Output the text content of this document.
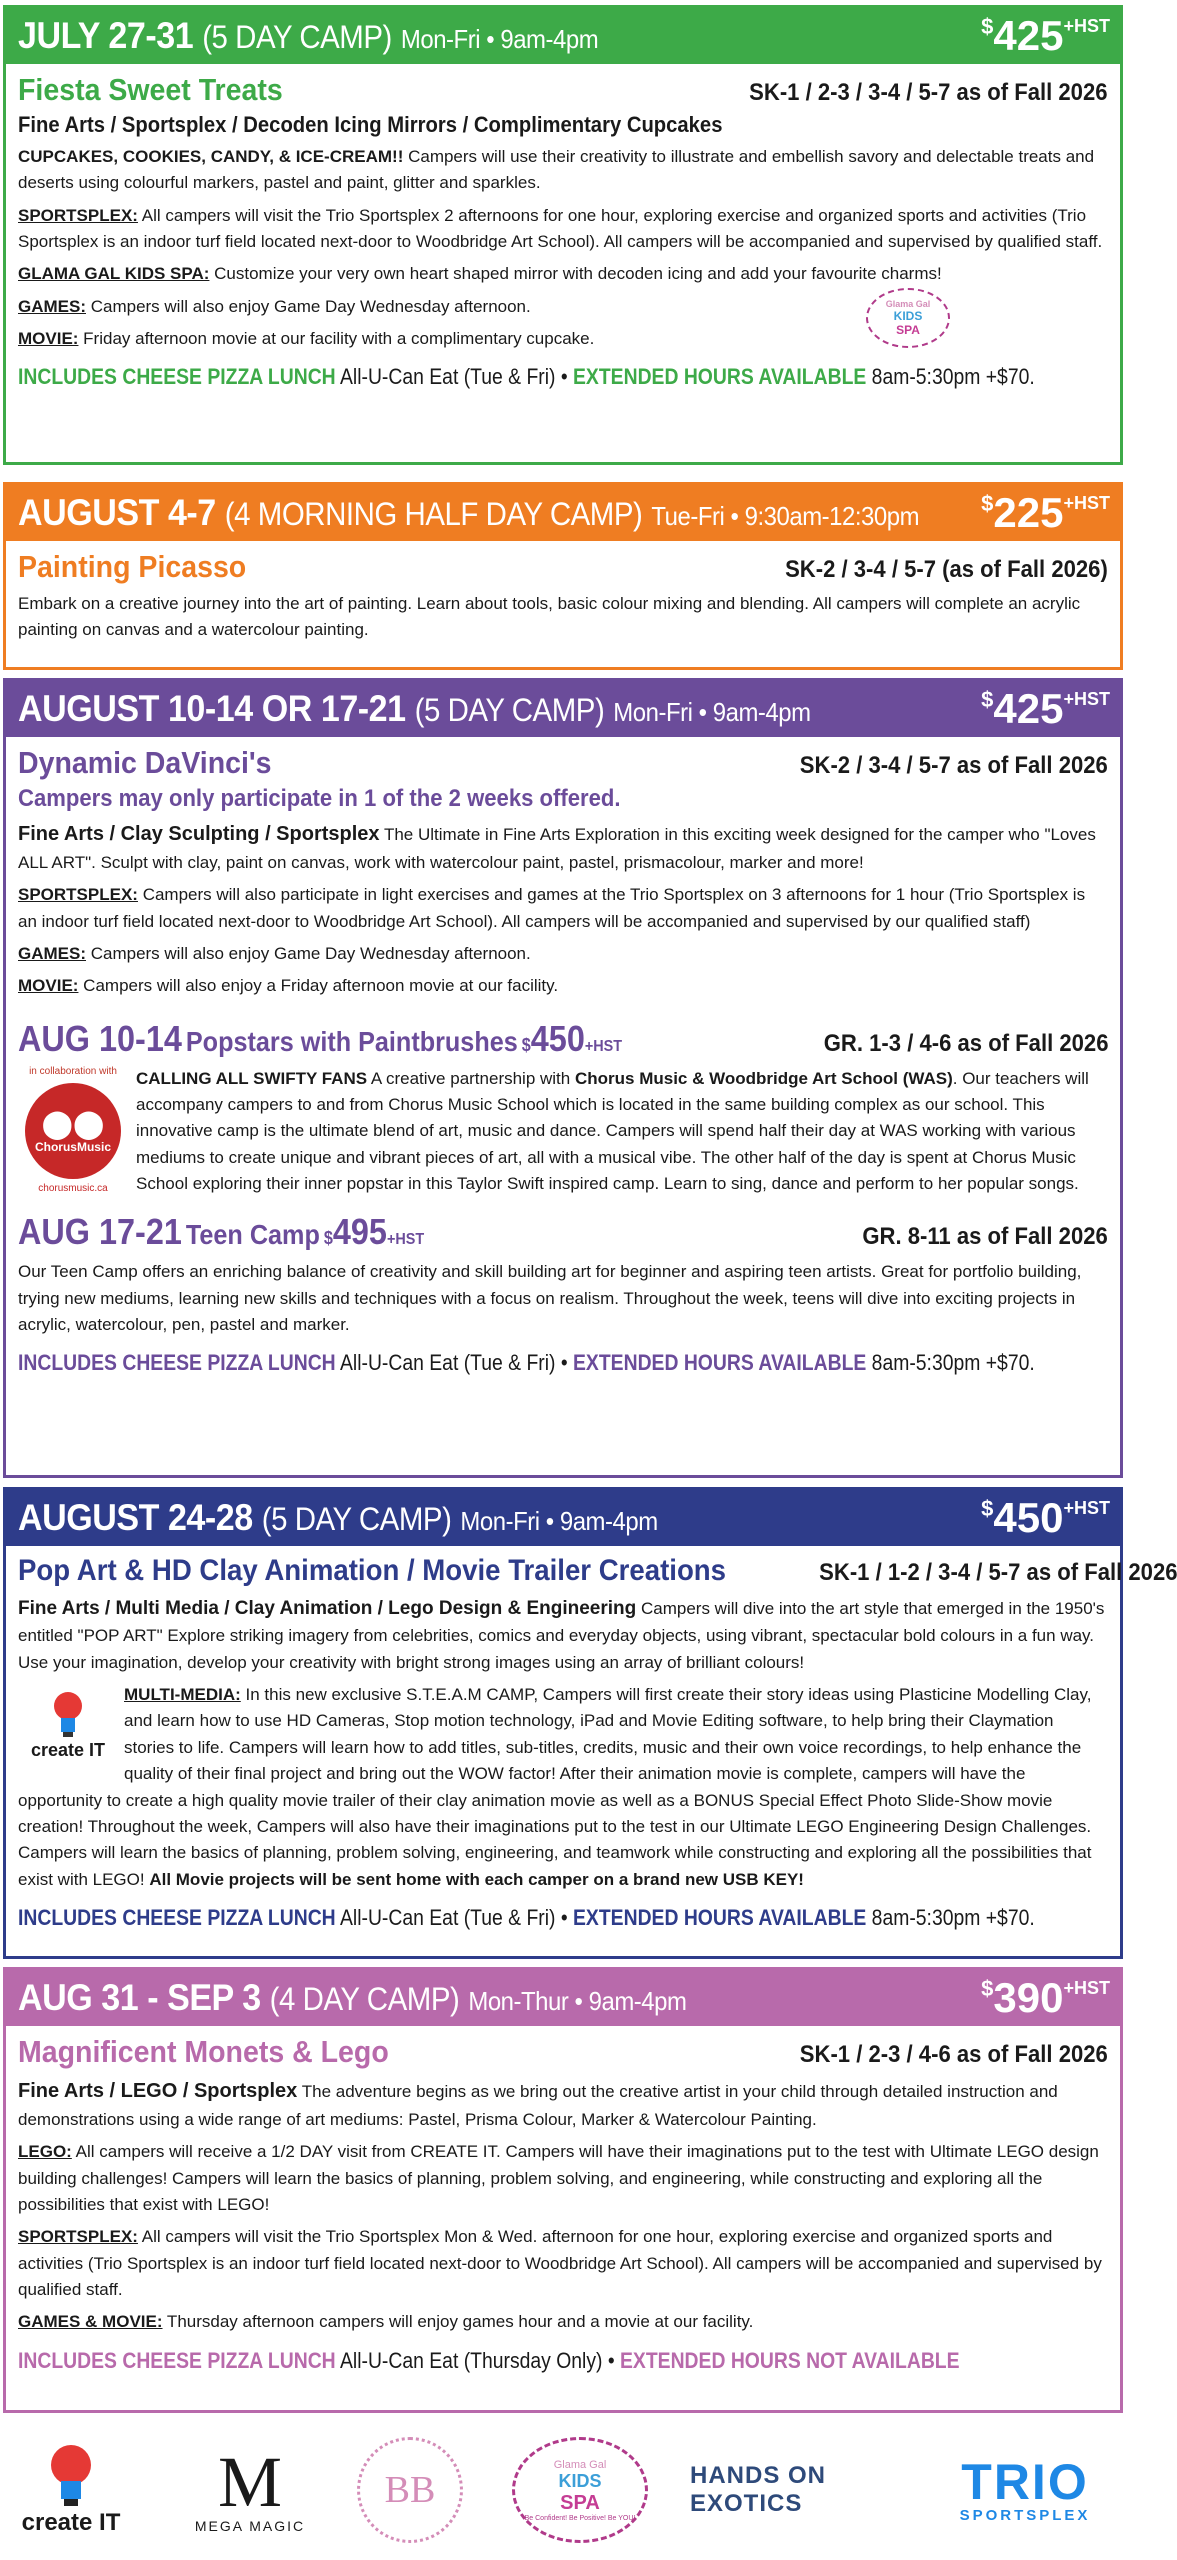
JULY 27-31 (5 DAY CAMP) Mon-Fri • 9am-4pm	$^{\$}425^{+HST}$
Fiesta Sweet Treats	SK-1 / 2-3 / 3-4 / 5-7 as of Fall 2026
Fine Arts / Sportsplex / Decoden Icing Mirrors / Complimentary Cupcakes

CUPCAKES, COOKIES, CANDY, & ICE-CREAM!! Campers will use their creativity to illustrate and embellish savory and delectable treats and deserts using colourful markers, pastel and paint, glitter and sparkles.

SPORTSPLEX: All campers will visit the Trio Sportsplex 2 afternoons for one hour, exploring exercise and organized sports and activities (Trio Sportsplex is an indoor turf field located next-door to Woodbridge Art School). All campers will be accompanied and supervised by qualified staff.

GLAMA GAL KIDS SPA: Customize your very own heart shaped mirror with decoden icing and add your favourite charms!

GAMES: Campers will also enjoy Game Day Wednesday afternoon.

MOVIE: Friday afternoon movie at our facility with a complimentary cupcake.

INCLUDES CHEESE PIZZA LUNCH All-U-Can Eat (Tue & Fri) • EXTENDED HOURS AVAILABLE 8am-5:30pm +$70.
Glama Gal
KIDS
SPA
AUGUST 4-7 (4 MORNING HALF DAY CAMP) Tue-Fri • 9:30am-12:30pm	$^{\$}225^{+HST}$
Painting Picasso	SK-2 / 3-4 / 5-7 (as of Fall 2026)

Embark on a creative journey into the art of painting. Learn about tools, basic colour mixing and blending. All campers will complete an acrylic painting on canvas and a watercolour painting.

AUGUST 10-14 OR 17-21 (5 DAY CAMP) Mon-Fri • 9am-4pm	$^{\$}425^{+HST}$
Dynamic DaVinci's	SK-2 / 3-4 / 5-7 as of Fall 2026
Campers may only participate in 1 of the 2 weeks offered.

Fine Arts / Clay Sculpting / Sportsplex The Ultimate in Fine Arts Exploration in this exciting week designed for the camper who "Loves ALL ART". Sculpt with clay, paint on canvas, work with watercolour paint, pastel, prismacolour, marker and more!

SPORTSPLEX: Campers will also participate in light exercises and games at the Trio Sportsplex on 3 afternoons for 1 hour (Trio Sportsplex is an indoor turf field located next-door to Woodbridge Art School). All campers will be accompanied and supervised by our qualified staff)

GAMES: Campers will also enjoy Game Day Wednesday afternoon.

MOVIE: Campers will also enjoy a Friday afternoon movie at our facility.

AUG 10-14 Popstars with Paintbrushes $450+HST	GR. 1-3 / 4-6 as of Fall 2026
in collaboration with
⬤⬤
ChorusMusic
chorusmusic.ca

CALLING ALL SWIFTY FANS A creative partnership with Chorus Music & Woodbridge Art School (WAS). Our teachers will accompany campers to and from Chorus Music School which is located in the same building complex as our school. This innovative camp is the ultimate blend of art, music and dance. Campers will spend half their day at WAS working with various mediums to create unique and vibrant pieces of art, all with a musical vibe. The other half of the day is spent at Chorus Music School exploring their inner popstar in this Taylor Swift inspired camp. Learn to sing, dance and perform to her popular songs.

AUG 17-21 Teen Camp $495+HST	GR. 8-11 as of Fall 2026

Our Teen Camp offers an enriching balance of creativity and skill building art for beginner and aspiring teen artists. Great for portfolio building, trying new mediums, learning new skills and techniques with a focus on realism. Throughout the week, teens will dive into exciting projects in acrylic, watercolour, pen, pastel and marker.

INCLUDES CHEESE PIZZA LUNCH All-U-Can Eat (Tue & Fri) • EXTENDED HOURS AVAILABLE 8am-5:30pm +$70.
AUGUST 24-28 (5 DAY CAMP) Mon-Fri • 9am-4pm	$^{\$}450^{+HST}$
Pop Art & HD Clay Animation / Movie Trailer Creations	SK-1 / 1-2 / 3-4 / 5-7 as of Fall 2026

Fine Arts / Multi Media / Clay Animation / Lego Design & Engineering Campers will dive into the art style that emerged in the 1950's entitled "POP ART" Explore striking imagery from celebrities, comics and everyday objects, using vibrant, spectacular bold colours in a fun way. Use your imagination, develop your creativity with bright strong images using an array of brilliant colours!

create IT

MULTI-MEDIA: In this new exclusive S.T.E.A.M CAMP, Campers will first create their story ideas using Plasticine Modelling Clay, and learn how to use HD Cameras, Stop motion technology, iPad and Movie Editing software, to help bring their Claymation stories to life. Campers will learn how to add titles, sub-titles, credits, music and their own voice recordings, to help enhance the quality of their final project and bring out the WOW factor! After their animation movie is complete, campers will have the opportunity to create a high quality movie trailer of their clay animation movie as well as a BONUS Special Effect Photo Slide-Show movie creation! Throughout the week, Campers will also have their imaginations put to the test in our Ultimate LEGO Engineering Design Challenges. Campers will learn the basics of planning, problem solving, engineering, and teamwork while constructing and exploring all the possibilities that exist with LEGO! All Movie projects will be sent home with each camper on a brand new USB KEY!

INCLUDES CHEESE PIZZA LUNCH All-U-Can Eat (Tue & Fri) • EXTENDED HOURS AVAILABLE 8am-5:30pm +$70.
AUG 31 - SEP 3 (4 DAY CAMP) Mon-Thur • 9am-4pm	$^{\$}390^{+HST}$
Magnificent Monets & Lego	SK-1 / 2-3 / 4-6 as of Fall 2026

Fine Arts / LEGO / Sportsplex The adventure begins as we bring out the creative artist in your child through detailed instruction and demonstrations using a wide range of art mediums: Pastel, Prisma Colour, Marker & Watercolour Painting.

LEGO: All campers will receive a 1/2 DAY visit from CREATE IT. Campers will have their imaginations put to the test with Ultimate LEGO design building challenges! Campers will learn the basics of planning, problem solving, and engineering, while constructing and exploring all the possibilities that exist with LEGO!

SPORTSPLEX: All campers will visit the Trio Sportsplex Mon & Wed. afternoon for one hour, exploring exercise and organized sports and activities (Trio Sportsplex is an indoor turf field located next-door to Woodbridge Art School). All campers will be accompanied and supervised by qualified staff.

GAMES & MOVIE: Thursday afternoon campers will enjoy games hour and a movie at our facility.

INCLUDES CHEESE PIZZA LUNCH All-U-Can Eat (Thursday Only) • EXTENDED HOURS NOT AVAILABLE
create IT
M
MEGA MAGIC
BB
Glama Gal
KIDS
SPA
Be Confident! Be Positive! Be YOU!
HANDS ON
EXOTICS	TRIO
SPORTSPLEX
